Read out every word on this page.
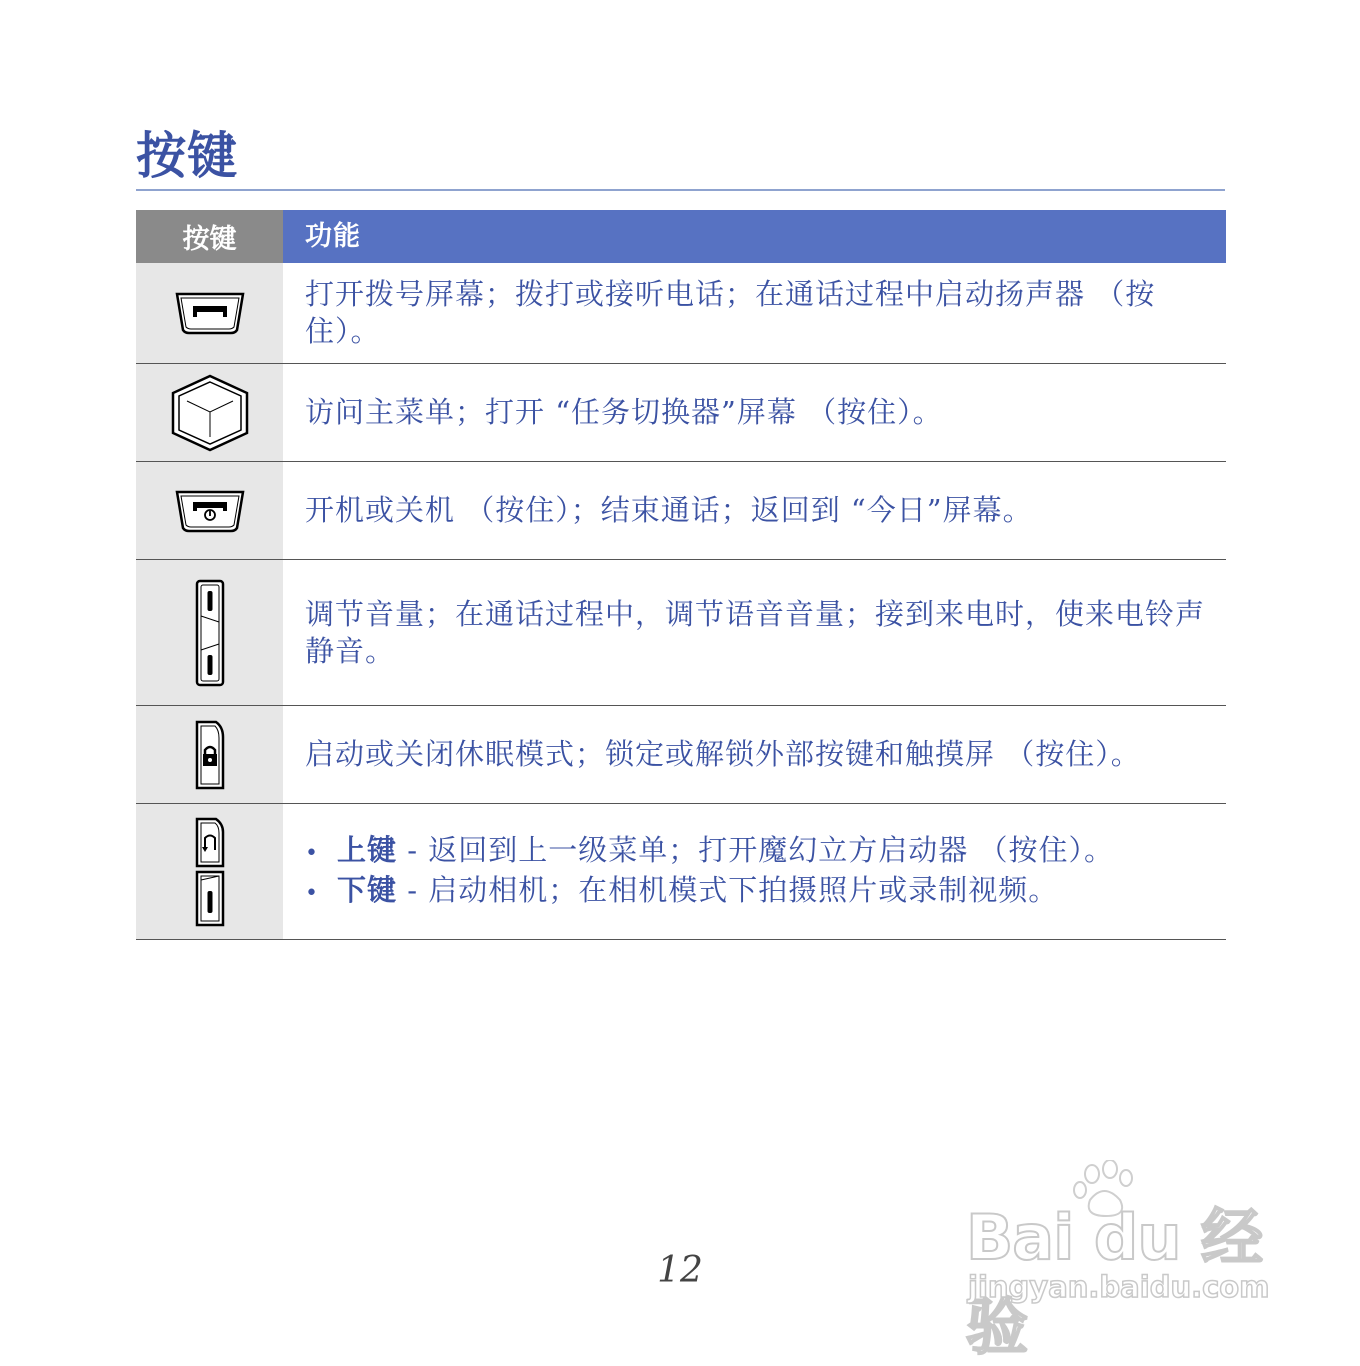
按键
按键	功能
打开拨号屏幕；拨打或接听电话；在通话过程中启动扬声器 （按住）。
访问主菜单；打开 “任务切换器”屏幕 （按住）。
开机或关机 （按住）；结束通话；返回到 “今日”屏幕。
调节音量；在通话过程中，调节语音音量；接到来电时，使来电铃声静音。
启动或关闭休眠模式；锁定或解锁外部按键和触摸屏 （按住）。
• 上键 - 返回到上一级菜单；打开魔幻立方启动器 （按住）。
• 下键 - 启动相机；在相机模式下拍摄照片或录制视频。
12	Bai du 经验
jingyan.baidu.com
